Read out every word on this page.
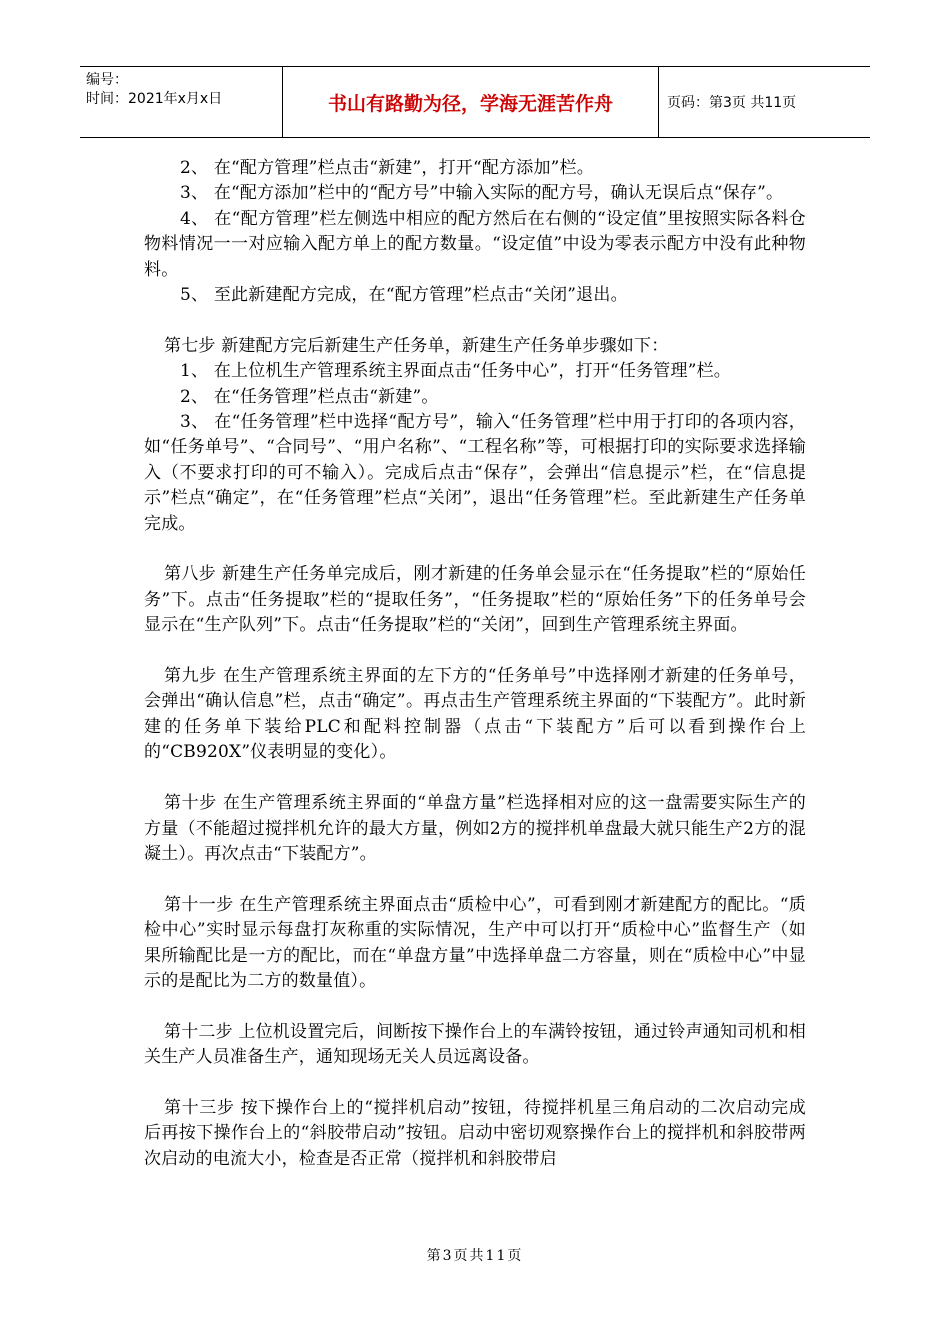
编号：
时间：2021年x月x日	书山有路勤为径，学海无涯苦作舟	页码：第3页 共11页

2、 在“配方管理”栏点击“新建”，打开“配方添加”栏。

3、 在“配方添加”栏中的“配方号”中输入实际的配方号，确认无误后点“保存”。

4、 在“配方管理”栏左侧选中相应的配方然后在右侧的“设定值”里按照实际各料仓物料情况一一对应输入配方单上的配方数量。“设定值”中设为零表示配方中没有此种物料。

5、 至此新建配方完成，在“配方管理”栏点击“关闭”退出。

第七步 新建配方完后新建生产任务单，新建生产任务单步骤如下：

1、 在上位机生产管理系统主界面点击“任务中心”，打开“任务管理”栏。

2、 在“任务管理”栏点击“新建”。

3、 在“任务管理”栏中选择“配方号”，输入“任务管理”栏中用于打印的各项内容，如“任务单号”、“合同号”、“用户名称”、“工程名称”等，可根据打印的实际要求选择输入（不要求打印的可不输入）。完成后点击“保存”，会弹出“信息提示”栏，在“信息提示”栏点“确定”，在“任务管理”栏点“关闭”，退出“任务管理”栏。至此新建生产任务单完成。

第八步 新建生产任务单完成后，刚才新建的任务单会显示在“任务提取”栏的“原始任务”下。点击“任务提取”栏的“提取任务”，“任务提取”栏的“原始任务”下的任务单号会显示在“生产队列”下。点击“任务提取”栏的“关闭”，回到生产管理系统主界面。

第九步 在生产管理系统主界面的左下方的“任务单号”中选择刚才新建的任务单号，会弹出“确认信息”栏，点击“确定”。再点击生产管理系统主界面的“下装配方”。此时新建的任务单下装给PLC和配料控制器（点击“下装配方”后可以看到操作台上的“CB920X”仪表明显的变化）。

第十步 在生产管理系统主界面的“单盘方量”栏选择相对应的这一盘需要实际生产的方量（不能超过搅拌机允许的最大方量，例如2方的搅拌机单盘最大就只能生产2方的混凝土）。再次点击“下装配方”。

第十一步 在生产管理系统主界面点击“质检中心”，可看到刚才新建配方的配比。“质检中心”实时显示每盘打灰称重的实际情况，生产中可以打开“质检中心”监督生产（如果所输配比是一方的配比，而在“单盘方量”中选择单盘二方容量，则在“质检中心”中显示的是配比为二方的数量值）。

第十二步 上位机设置完后，间断按下操作台上的车满铃按钮，通过铃声通知司机和相关生产人员准备生产，通知现场无关人员远离设备。

第十三步 按下操作台上的“搅拌机启动”按钮，待搅拌机星三角启动的二次启动完成后再按下操作台上的“斜胶带启动”按钮。启动中密切观察操作台上的搅拌机和斜胶带两次启动的电流大小，检查是否正常（搅拌机和斜胶带启

第3页共11页
